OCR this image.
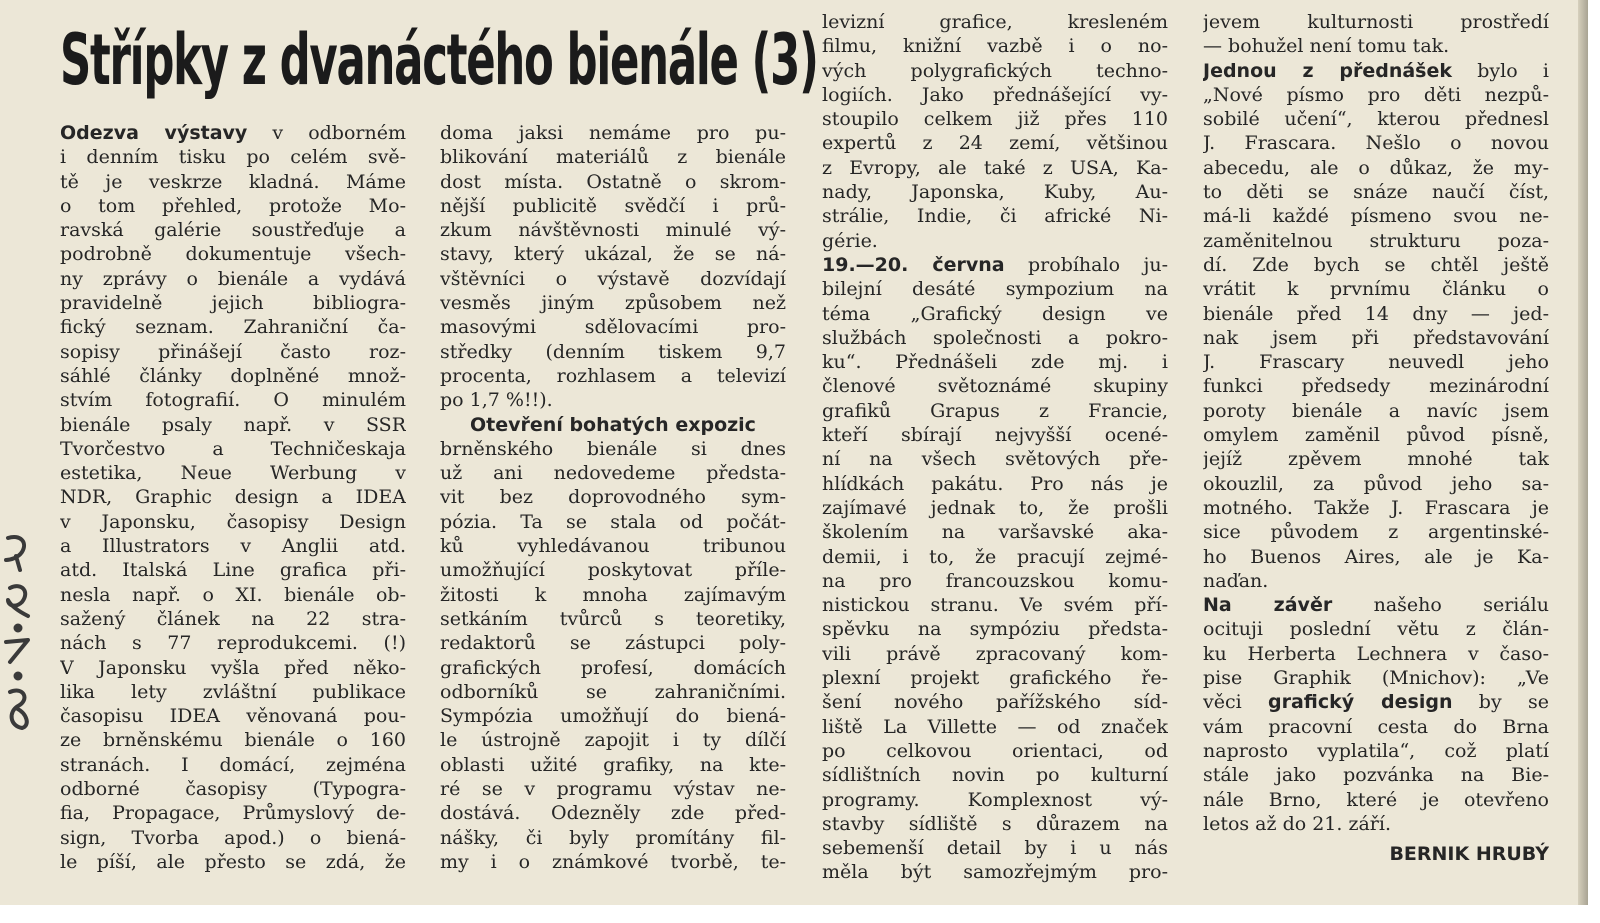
Střípky z dvanáctého bienále (3)
Odezva výstavy v odborném
i denním tisku po celém svě-
tě je veskrze kladná. Máme
o tom přehled, protože Mo-
ravská galérie soustřeďuje a
podrobně dokumentuje všech-
ny zprávy o bienále a vydává
pravidelně jejich bibliogra-
fický seznam. Zahraniční ča-
sopisy přinášejí často roz-
sáhlé články doplněné množ-
stvím fotografií. O minulém
bienále psaly např. v SSR
Tvorčestvo a Techničeskaja
estetika, Neue Werbung v
NDR, Graphic design a IDEA
v Japonsku, časopisy Design
a Illustrators v Anglii atd.
atd. Italská Line grafica při-
nesla např. o XI. bienále ob-
sažený článek na 22 stra-
nách s 77 reprodukcemi. (!)
V Japonsku vyšla před něko-
lika lety zvláštní publikace
časopisu IDEA věnovaná pou-
ze brněnskému bienále o 160
stranách. I domácí, zejména
odborné časopisy (Typogra-
fia, Propagace, Průmyslový de-
sign, Tvorba apod.) o biená-
le píší, ale přesto se zdá, že
doma jaksi nemáme pro pu-
blikování materiálů z bienále
dost místa. Ostatně o skrom-
nější publicitě svědčí i prů-
zkum návštěvnosti minulé vý-
stavy, který ukázal, že se ná-
vštěvníci o výstavě dozvídají
vesměs jiným způsobem než
masovými sdělovacími pro-
středky (denním tiskem 9,7
procenta, rozhlasem a televizí
po 1,7 %!!).
Otevření bohatých expozic
brněnského bienále si dnes
už ani nedovedeme předsta-
vit bez doprovodného sym-
pózia. Ta se stala od počát-
ků vyhledávanou tribunou
umožňující poskytovat příle-
žitosti k mnoha zajímavým
setkáním tvůrců s teoretiky,
redaktorů se zástupci poly-
grafických profesí, domácích
odborníků se zahraničními.
Sympózia umožňují do biená-
le ústrojně zapojit i ty dílčí
oblasti užité grafiky, na kte-
ré se v programu výstav ne-
dostává. Odezněly zde před-
nášky, či byly promítány fil-
my i o známkové tvorbě, te-
levizní grafice, kresleném
filmu, knižní vazbě i o no-
vých polygrafických techno-
logiích. Jako přednášející vy-
stoupilo celkem již přes 110
expertů z 24 zemí, většinou
z Evropy, ale také z USA, Ka-
nady, Japonska, Kuby, Au-
strálie, Indie, či africké Ni-
gérie.
19.—20. června probíhalo ju-
bilejní desáté sympozium na
téma „Grafický design ve
službách společnosti a pokro-
ku“. Přednášeli zde mj. i
členové světoznámé skupiny
grafiků Grapus z Francie,
kteří sbírají nejvyšší ocené-
ní na všech světových pře-
hlídkách pakátu. Pro nás je
zajímavé jednak to, že prošli
školením na varšavské aka-
demii, i to, že pracují zejmé-
na pro francouzskou komu-
nistickou stranu. Ve svém pří-
spěvku na sympóziu předsta-
vili právě zpracovaný kom-
plexní projekt grafického ře-
šení nového pařížského síd-
liště La Villette — od značek
po celkovou orientaci, od
sídlištních novin po kulturní
programy. Komplexnost vý-
stavby sídliště s důrazem na
sebemenší detail by i u nás
měla být samozřejmým pro-
jevem kulturnosti prostředí
— bohužel není tomu tak.
Jednou z přednášek bylo i
„Nové písmo pro děti nezpů-
sobilé učení“, kterou přednesl
J. Frascara. Nešlo o novou
abecedu, ale o důkaz, že my-
to děti se snáze naučí číst,
má-li každé písmeno svou ne-
zaměnitelnou strukturu poza-
dí. Zde bych se chtěl ještě
vrátit k prvnímu článku o
bienále před 14 dny — jed-
nak jsem při představování
J. Frascary neuvedl jeho
funkci předsedy mezinárodní
poroty bienále a navíc jsem
omylem zaměnil původ písně,
jejíž zpěvem mnohé tak
okouzlil, za původ jeho sa-
motného. Takže J. Frascara je
sice původem z argentinské-
ho Buenos Aires, ale je Ka-
naďan.
Na závěr našeho seriálu
ocituji poslední větu z člán-
ku Herberta Lechnera v časo-
pise Graphik (Mnichov): „Ve
věci grafický design by se
vám pracovní cesta do Brna
naprosto vyplatila“, což platí
stále jako pozvánka na Bie-
nále Brno, které je otevřeno
letos až do 21. září.
BERNIK HRUBÝ
